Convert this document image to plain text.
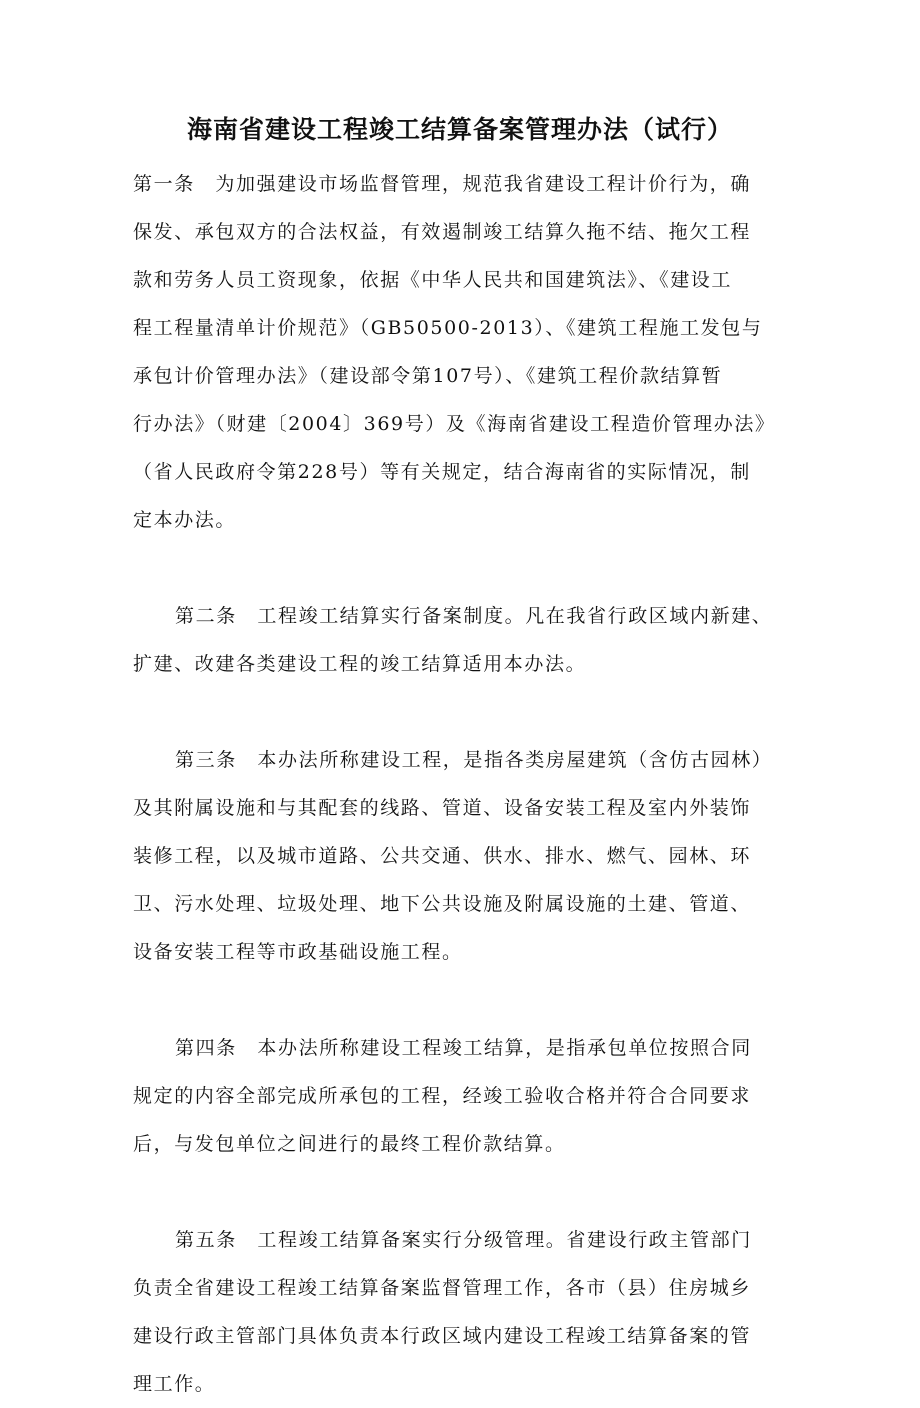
海南省建设工程竣工结算备案管理办法（试行）
第一条　为加强建设市场监督管理，规范我省建设工程计价行为，确
保发、承包双方的合法权益，有效遏制竣工结算久拖不结、拖欠工程
款和劳务人员工资现象，依据《中华人民共和国建筑法》、《建设工
程工程量清单计价规范》（GB50500-2013）、《建筑工程施工发包与
承包计价管理办法》（建设部令第107号）、《建筑工程价款结算暂
行办法》（财建〔2004〕369号）及《海南省建设工程造价管理办法》
（省人民政府令第228号）等有关规定，结合海南省的实际情况，制
定本办法。
第二条　工程竣工结算实行备案制度。凡在我省行政区域内新建、
扩建、改建各类建设工程的竣工结算适用本办法。
第三条　本办法所称建设工程，是指各类房屋建筑（含仿古园林）
及其附属设施和与其配套的线路、管道、设备安装工程及室内外装饰
装修工程，以及城市道路、公共交通、供水、排水、燃气、园林、环
卫、污水处理、垃圾处理、地下公共设施及附属设施的土建、管道、
设备安装工程等市政基础设施工程。
第四条　本办法所称建设工程竣工结算，是指承包单位按照合同
规定的内容全部完成所承包的工程，经竣工验收合格并符合合同要求
后，与发包单位之间进行的最终工程价款结算。
第五条　工程竣工结算备案实行分级管理。省建设行政主管部门
负责全省建设工程竣工结算备案监督管理工作，各市（县）住房城乡
建设行政主管部门具体负责本行政区域内建设工程竣工结算备案的管
理工作。
